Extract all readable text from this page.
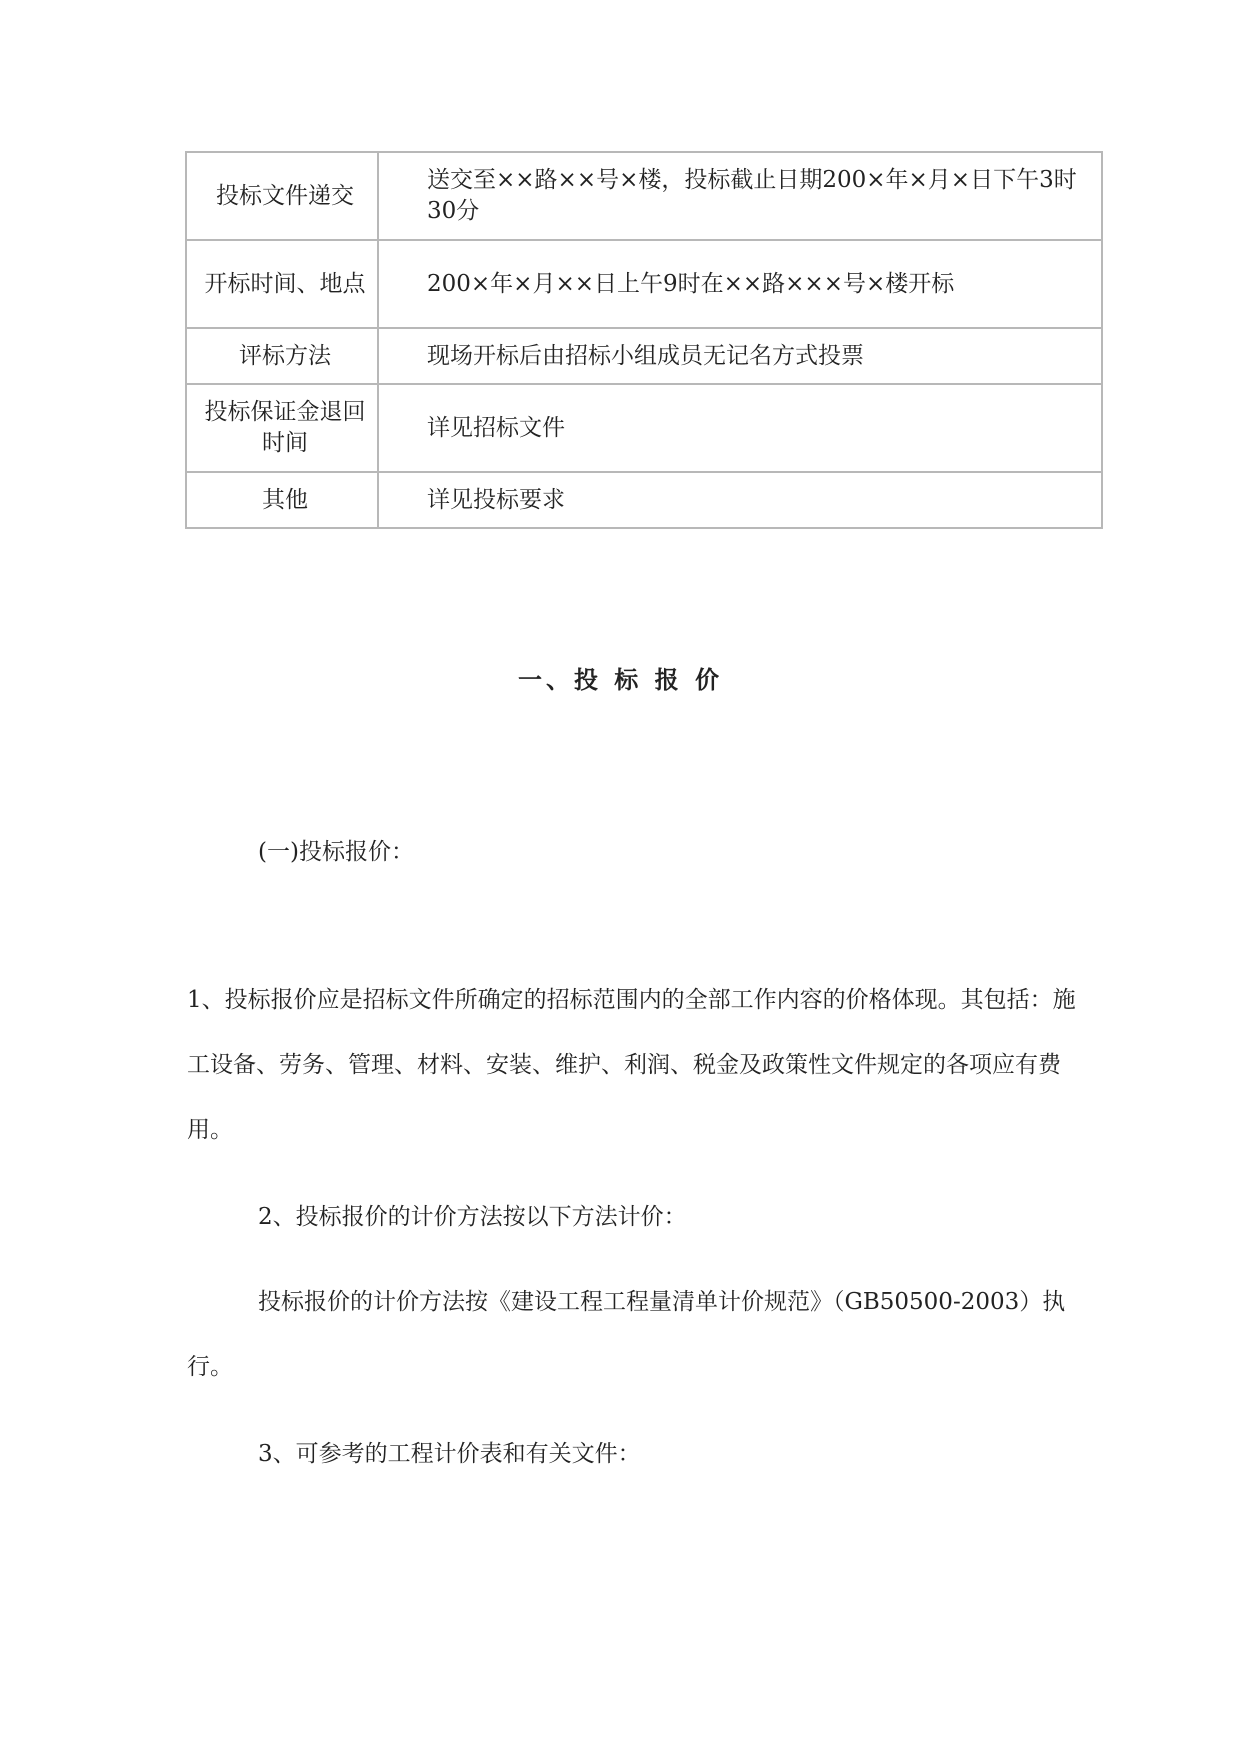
投标文件递交	送交至××路××号×楼，投标截止日期200×年×月×日下午3时30分
开标时间、地点	200×年×月××日上午9时在××路×××号×楼开标
评标方法	现场开标后由招标小组成员无记名方式投票
投标保证金退回时间	详见招标文件
其他	详见投标要求
一、投 标 报 价
(一)投标报价：

1、投标报价应是招标文件所确定的招标范围内的全部工作内容的价格体现。其包括：施工设备、劳务、管理、材料、安装、维护、利润、税金及政策性文件规定的各项应有费用。

2、投标报价的计价方法按以下方法计价：

投标报价的计价方法按《建设工程工程量清单计价规范》（GB50500-2003）执行。

3、可参考的工程计价表和有关文件：
